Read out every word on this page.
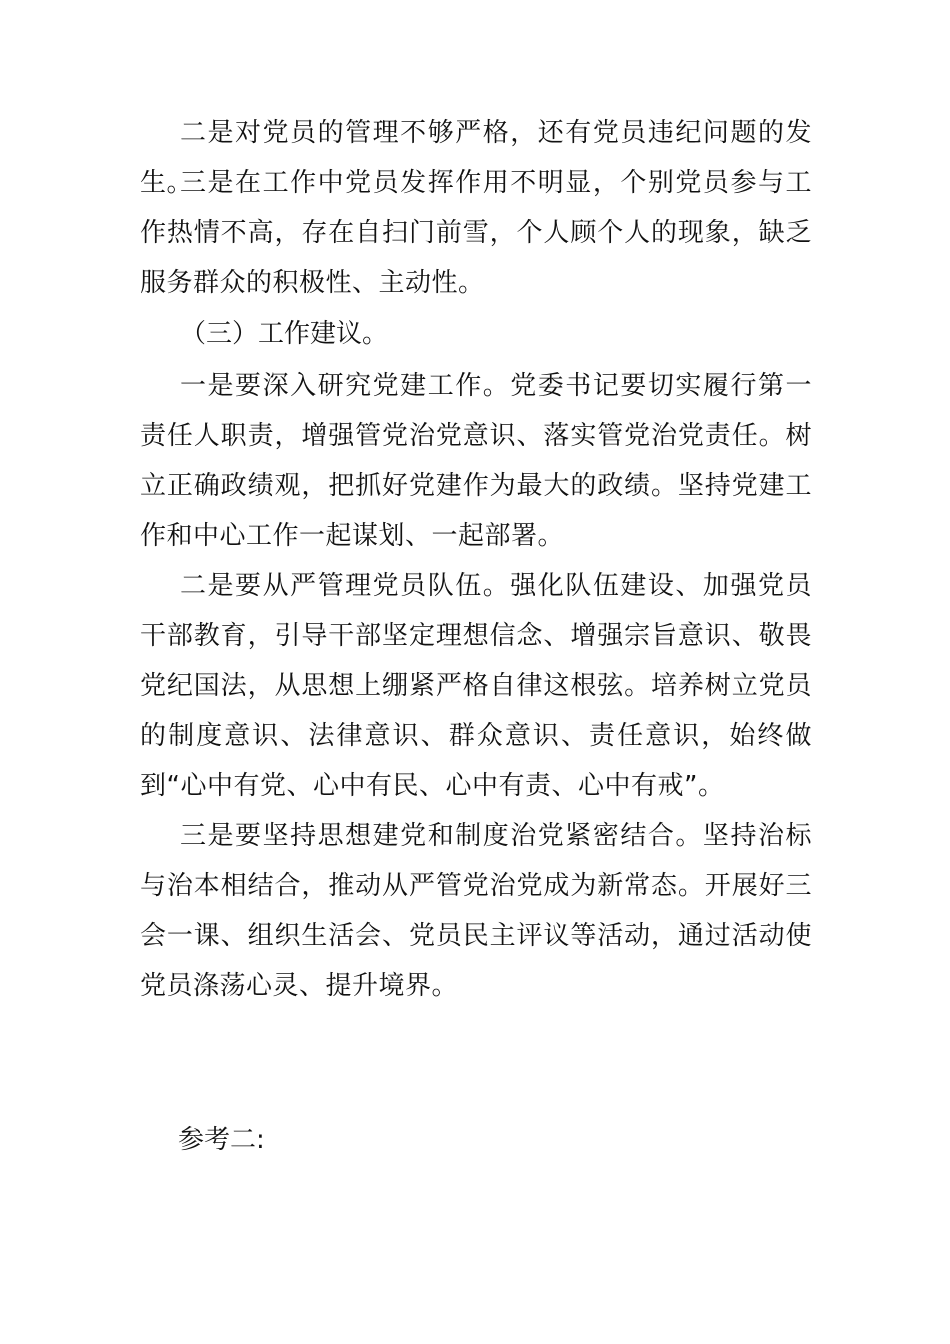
二是对党员的管理不够严格，还有党员违纪问题的发生。

三是在工作中党员发挥作用不明显，个别党员参与工作热情不高，存在自扫门前雪，个人顾个人的现象，缺乏服务群众的积极性、主动性。

（三）工作建议。

一是要深入研究党建工作。党委书记要切实履行第一责任人职责，增强管党治党意识、落实管党治党责任。树立正确政绩观，把抓好党建作为最大的政绩。坚持党建工作和中心工作一起谋划、一起部署。

二是要从严管理党员队伍。强化队伍建设、加强党员干部教育，引导干部坚定理想信念、增强宗旨意识、敬畏党纪国法，从思想上绷紧严格自律这根弦。培养树立党员的制度意识、法律意识、群众意识、责任意识，始终做到“心中有党、心中有民、心中有责、心中有戒”。

三是要坚持思想建党和制度治党紧密结合。坚持治标与治本相结合，推动从严管党治党成为新常态。开展好三会一课、组织生活会、党员民主评议等活动，通过活动使党员涤荡心灵、提升境界。

参考二:
